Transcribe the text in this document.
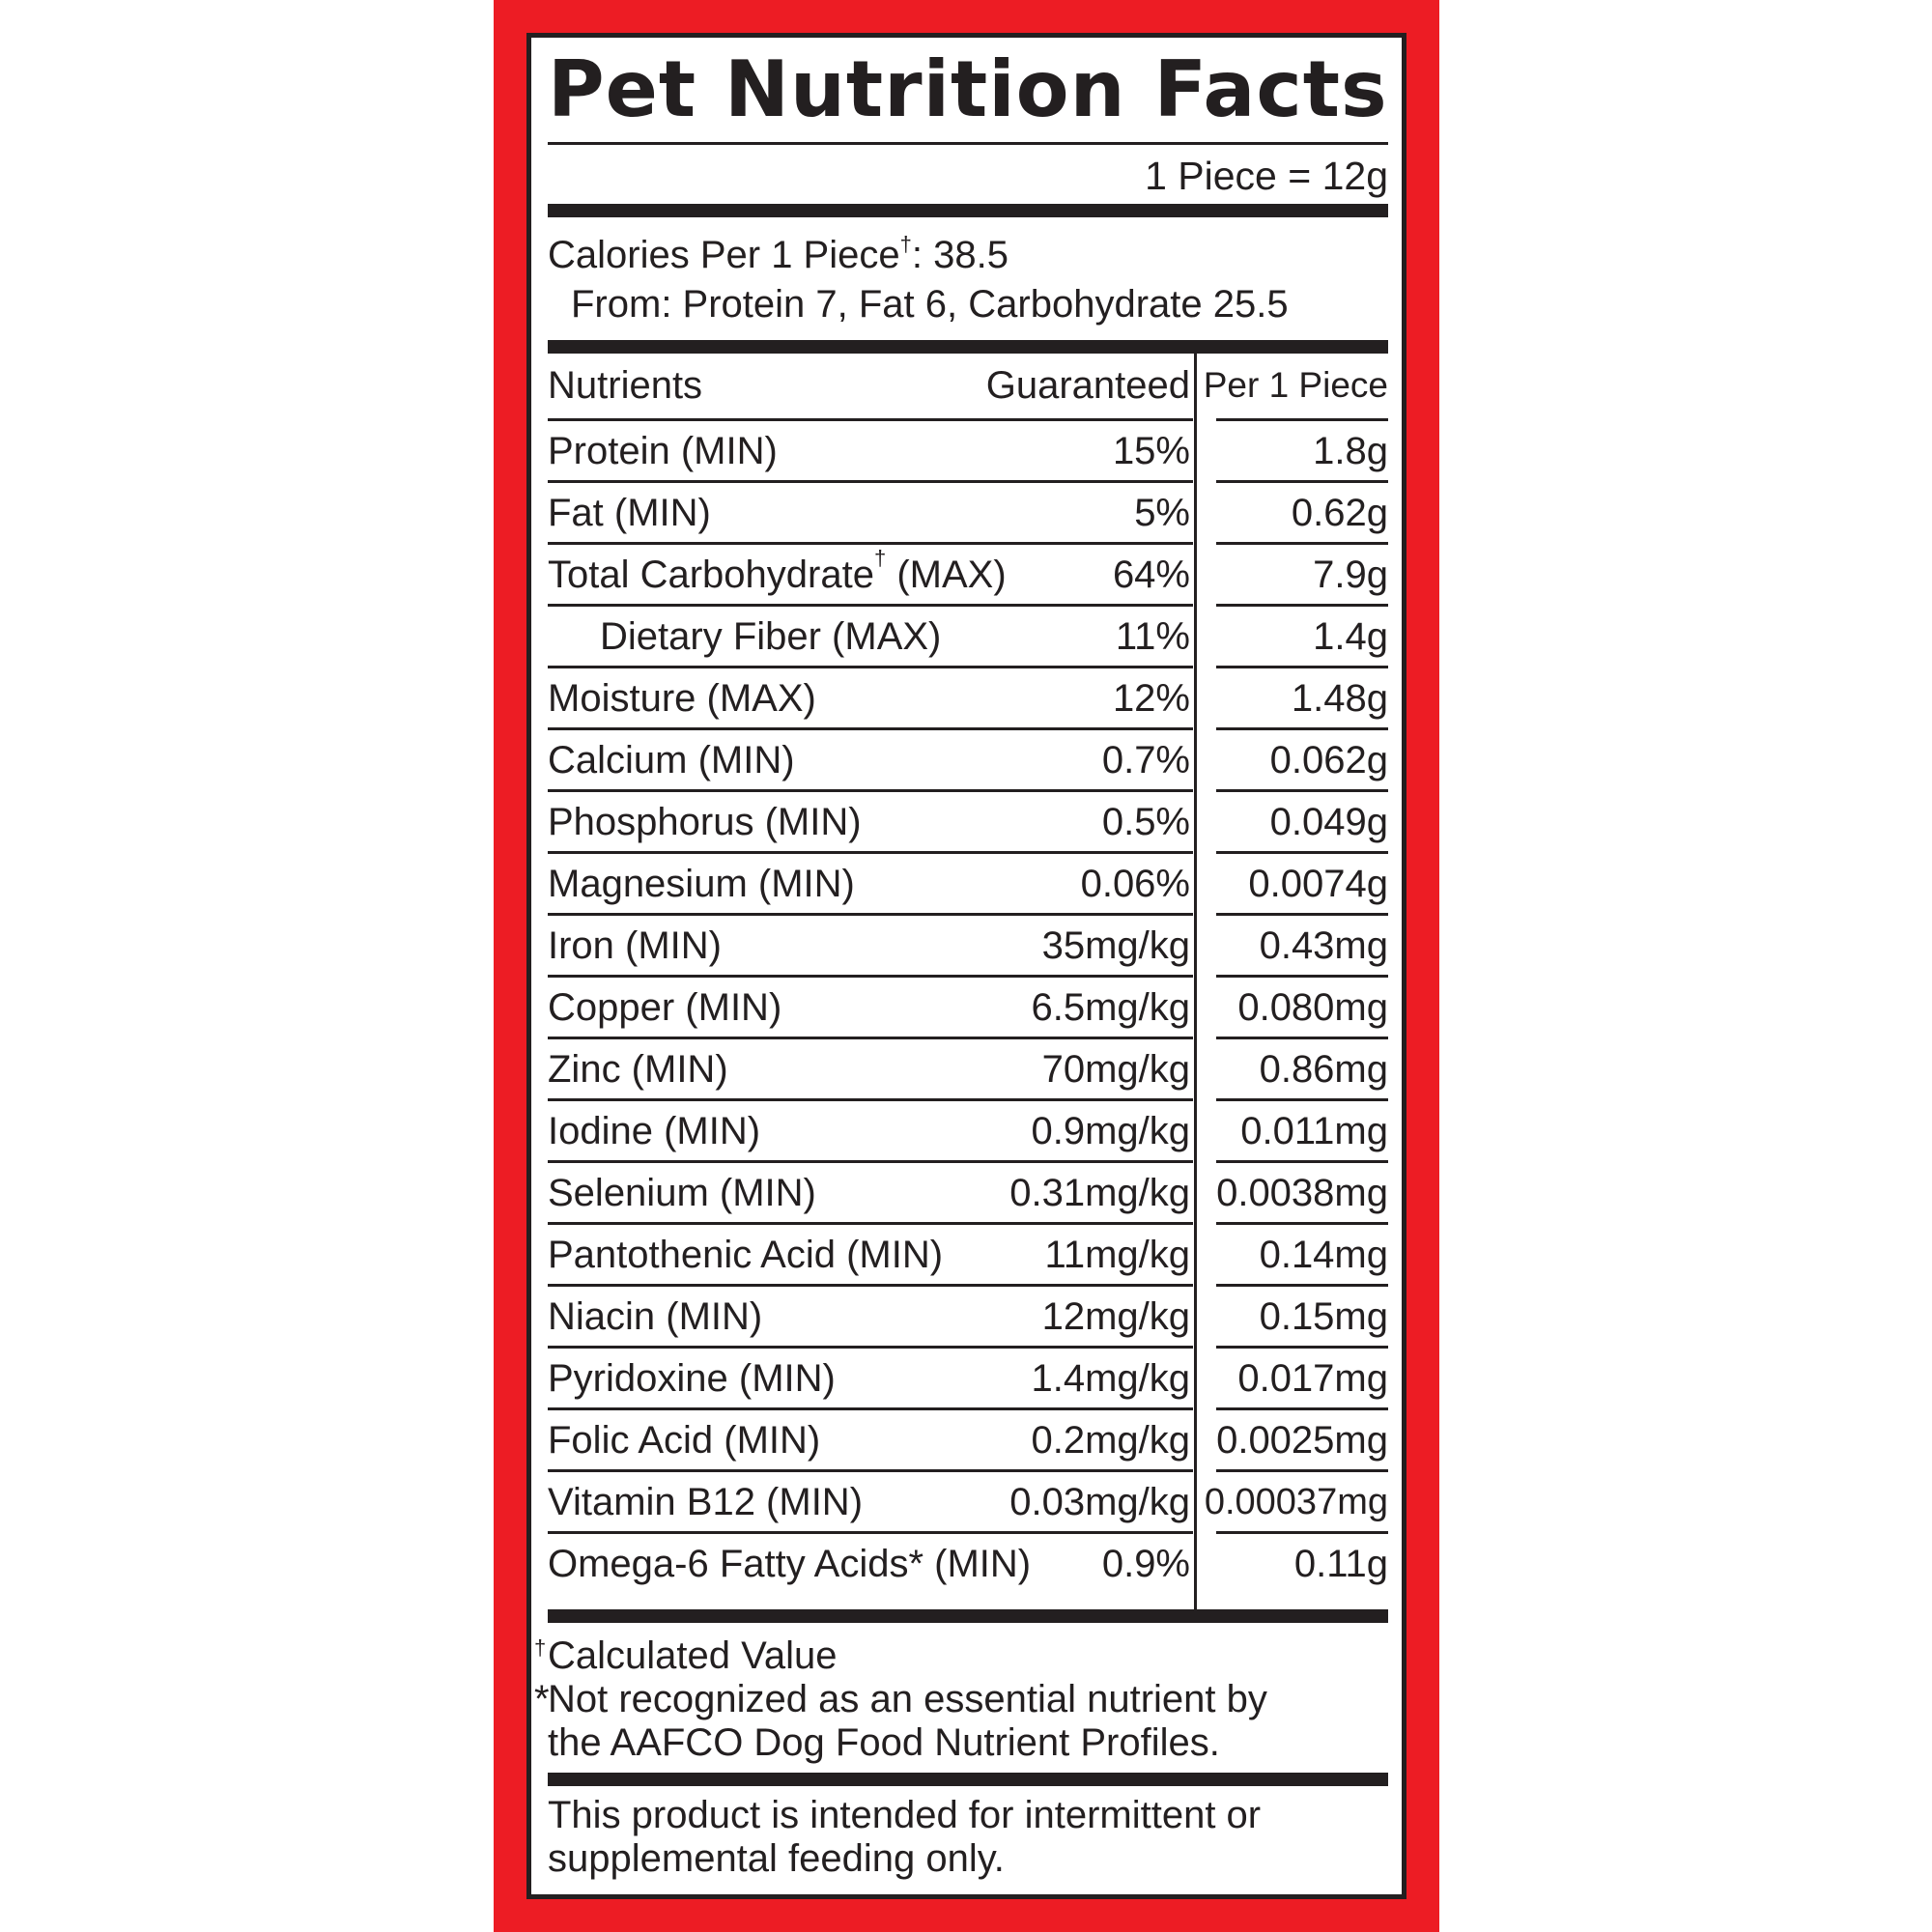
Pet Nutrition Facts
1 Piece = 12g
Calories Per 1 Piece†: 38.5
From: Protein 7, Fat 6, Carbohydrate 25.5
Nutrients	Guaranteed Per 1 Piece
Protein (MIN)	15%	1.8g
Fat (MIN)	5%	0.62g
Total Carbohydrate† (MAX)	64%	7.9g
Dietary Fiber (MAX)	11%	1.4g
Moisture (MAX)	12%	1.48g
Calcium (MIN)	0.7% 0.062g
Phosphorus (MIN)	0.5% 0.049g
Magnesium (MIN)	0.06% 0.0074g
Iron (MIN)	35mg/kg 0.43mg
Copper (MIN)	6.5mg/kg 0.080mg
Zinc (MIN)	70mg/kg 0.86mg
Iodine (MIN)	0.9mg/kg 0.011mg
Selenium (MIN)	0.31mg/kg 0.0038mg
Pantothenic Acid (MIN)	11mg/kg 0.14mg
Niacin (MIN)	12mg/kg 0.15mg
Pyridoxine (MIN)	1.4mg/kg 0.017mg
Folic Acid (MIN)	0.2mg/kg 0.0025mg
Vitamin B12 (MIN)	0.03mg/kg 0.00037mg
Omega-6 Fatty Acids* (MIN) 0.9%	0.11g
† Calculated Value
*
Not recognized as an essential nutrient by
the AAFCO Dog Food Nutrient Profiles.
This product is intended for intermittent or
supplemental feeding only.
